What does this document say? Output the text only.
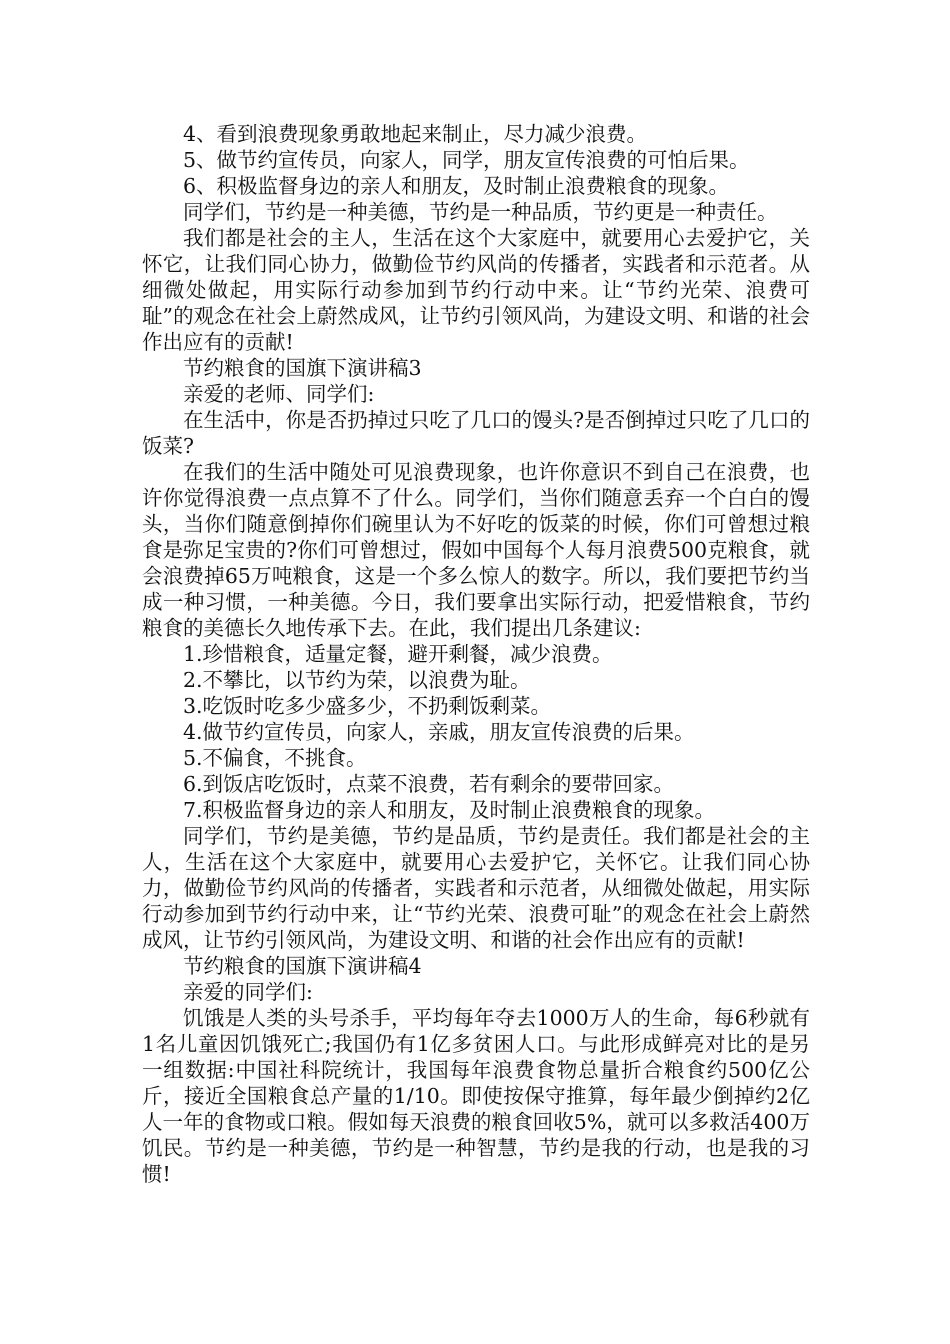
4、看到浪费现象勇敢地起来制止，尽力减少浪费。

5、做节约宣传员，向家人，同学，朋友宣传浪费的可怕后果。

6、积极监督身边的亲人和朋友，及时制止浪费粮食的现象。

同学们，节约是一种美德，节约是一种品质，节约更是一种责任。

我们都是社会的主人，生活在这个大家庭中，就要用心去爱护它，关怀它，让我们同心协力，做勤俭节约风尚的传播者，实践者和示范者。从细微处做起，用实际行动参加到节约行动中来。让“节约光荣、浪费可耻”的观念在社会上蔚然成风，让节约引领风尚，为建设文明、和谐的社会作出应有的贡献!

节约粮食的国旗下演讲稿3

亲爱的老师、同学们:

在生活中，你是否扔掉过只吃了几口的馒头?是否倒掉过只吃了几口的饭菜?

在我们的生活中随处可见浪费现象，也许你意识不到自己在浪费，也许你觉得浪费一点点算不了什么。同学们，当你们随意丢弃一个白白的馒头，当你们随意倒掉你们碗里认为不好吃的饭菜的时候，你们可曾想过粮食是弥足宝贵的?你们可曾想过，假如中国每个人每月浪费500克粮食，就会浪费掉65万吨粮食，这是一个多么惊人的数字。所以，我们要把节约当成一种习惯，一种美德。今日，我们要拿出实际行动，把爱惜粮食，节约粮食的美德长久地传承下去。在此，我们提出几条建议:

1.珍惜粮食，适量定餐，避开剩餐，减少浪费。

2.不攀比，以节约为荣，以浪费为耻。

3.吃饭时吃多少盛多少，不扔剩饭剩菜。

4.做节约宣传员，向家人，亲戚，朋友宣传浪费的后果。

5.不偏食，不挑食。

6.到饭店吃饭时，点菜不浪费，若有剩余的要带回家。

7.积极监督身边的亲人和朋友，及时制止浪费粮食的现象。

同学们，节约是美德，节约是品质，节约是责任。我们都是社会的主人，生活在这个大家庭中，就要用心去爱护它，关怀它。让我们同心协力，做勤俭节约风尚的传播者，实践者和示范者，从细微处做起，用实际行动参加到节约行动中来，让“节约光荣、浪费可耻”的观念在社会上蔚然成风，让节约引领风尚，为建设文明、和谐的社会作出应有的贡献!

节约粮食的国旗下演讲稿4

亲爱的同学们:

饥饿是人类的头号杀手，平均每年夺去1000万人的生命，每6秒就有1名儿童因饥饿死亡;我国仍有1亿多贫困人口。与此形成鲜亮对比的是另一组数据:中国社科院统计，我国每年浪费食物总量折合粮食约500亿公斤，接近全国粮食总产量的1/10。即使按保守推算，每年最少倒掉约2亿人一年的食物或口粮。假如每天浪费的粮食回收5%，就可以多救活400万饥民。节约是一种美德，节约是一种智慧，节约是我的行动，也是我的习惯!
